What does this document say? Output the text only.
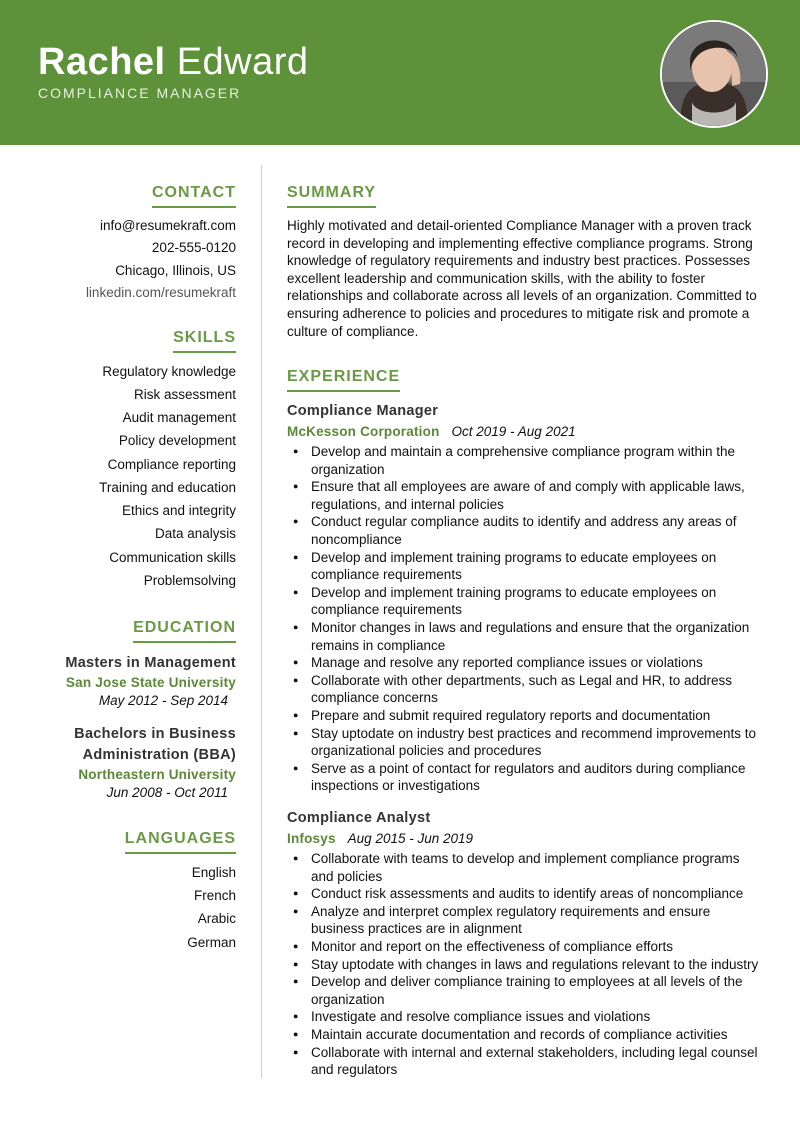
Rachel Edward
COMPLIANCE MANAGER
CONTACT
info@resumekraft.com
202-555-0120
Chicago, Illinois, US
linkedin.com/resumekraft
SKILLS
Regulatory knowledge
Risk assessment
Audit management
Policy development
Compliance reporting
Training and education
Ethics and integrity
Data analysis
Communication skills
Problemsolving
EDUCATION
Masters in Management
San Jose State University
May 2012 - Sep 2014
Bachelors in Business
Administration (BBA)
Northeastern University
Jun 2008 - Oct 2011
LANGUAGES
English
French
Arabic
German
SUMMARY

Highly motivated and detail-oriented Compliance Manager with a proven track record in developing and implementing effective compliance programs. Strong knowledge of regulatory requirements and industry best practices. Possesses excellent leadership and communication skills, with the ability to foster relationships and collaborate across all levels of an organization. Committed to ensuring adherence to policies and procedures to mitigate risk and promote a culture of compliance.

EXPERIENCE
Compliance Manager
McKesson Corporation Oct 2019 - Aug 2021
● Develop and maintain a comprehensive compliance program within the organization
● Ensure that all employees are aware of and comply with applicable laws, regulations, and internal policies
● Conduct regular compliance audits to identify and address any areas of noncompliance
● Develop and implement training programs to educate employees on compliance requirements
● Develop and implement training programs to educate employees on compliance requirements
● Monitor changes in laws and regulations and ensure that the organization remains in compliance
● Manage and resolve any reported compliance issues or violations
● Collaborate with other departments, such as Legal and HR, to address compliance concerns
● Prepare and submit required regulatory reports and documentation
● Stay uptodate on industry best practices and recommend improvements to organizational policies and procedures
● Serve as a point of contact for regulators and auditors during compliance inspections or investigations
Compliance Analyst
Infosys Aug 2015 - Jun 2019
● Collaborate with teams to develop and implement compliance programs and policies
● Conduct risk assessments and audits to identify areas of noncompliance
● Analyze and interpret complex regulatory requirements and ensure business practices are in alignment
● Monitor and report on the effectiveness of compliance efforts
● Stay uptodate with changes in laws and regulations relevant to the industry
● Develop and deliver compliance training to employees at all levels of the organization
● Investigate and resolve compliance issues and violations
● Maintain accurate documentation and records of compliance activities
● Collaborate with internal and external stakeholders, including legal counsel and regulators
